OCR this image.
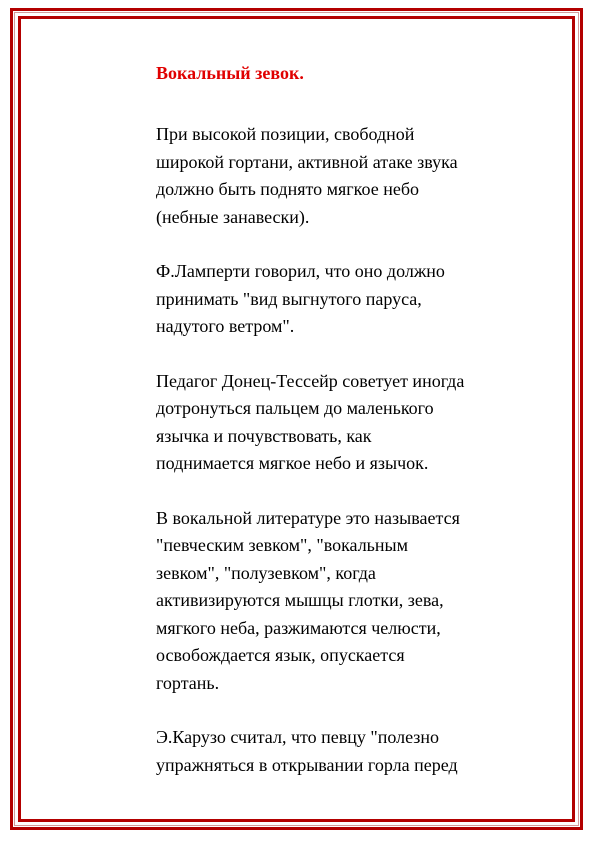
Вокальный зевок.
При высокой позиции, свободной
широкой гортани, активной атаке звука
должно быть поднято мягкое небо
(небные занавески).
Ф.Ламперти говорил, что оно должно
принимать "вид выгнутого паруса,
надутого ветром".
Педагог Донец-Тессейр советует иногда
дотронуться пальцем до маленького
язычка и почувствовать, как
поднимается мягкое небо и язычок.
В вокальной литературе это называется
"певческим зевком", "вокальным
зевком", "полузевком", когда
активизируются мышцы глотки, зева,
мягкого неба, разжимаются челюсти,
освобождается язык, опускается
гортань.
Э.Карузо считал, что певцу "полезно
упражняться в открывании горла перед
